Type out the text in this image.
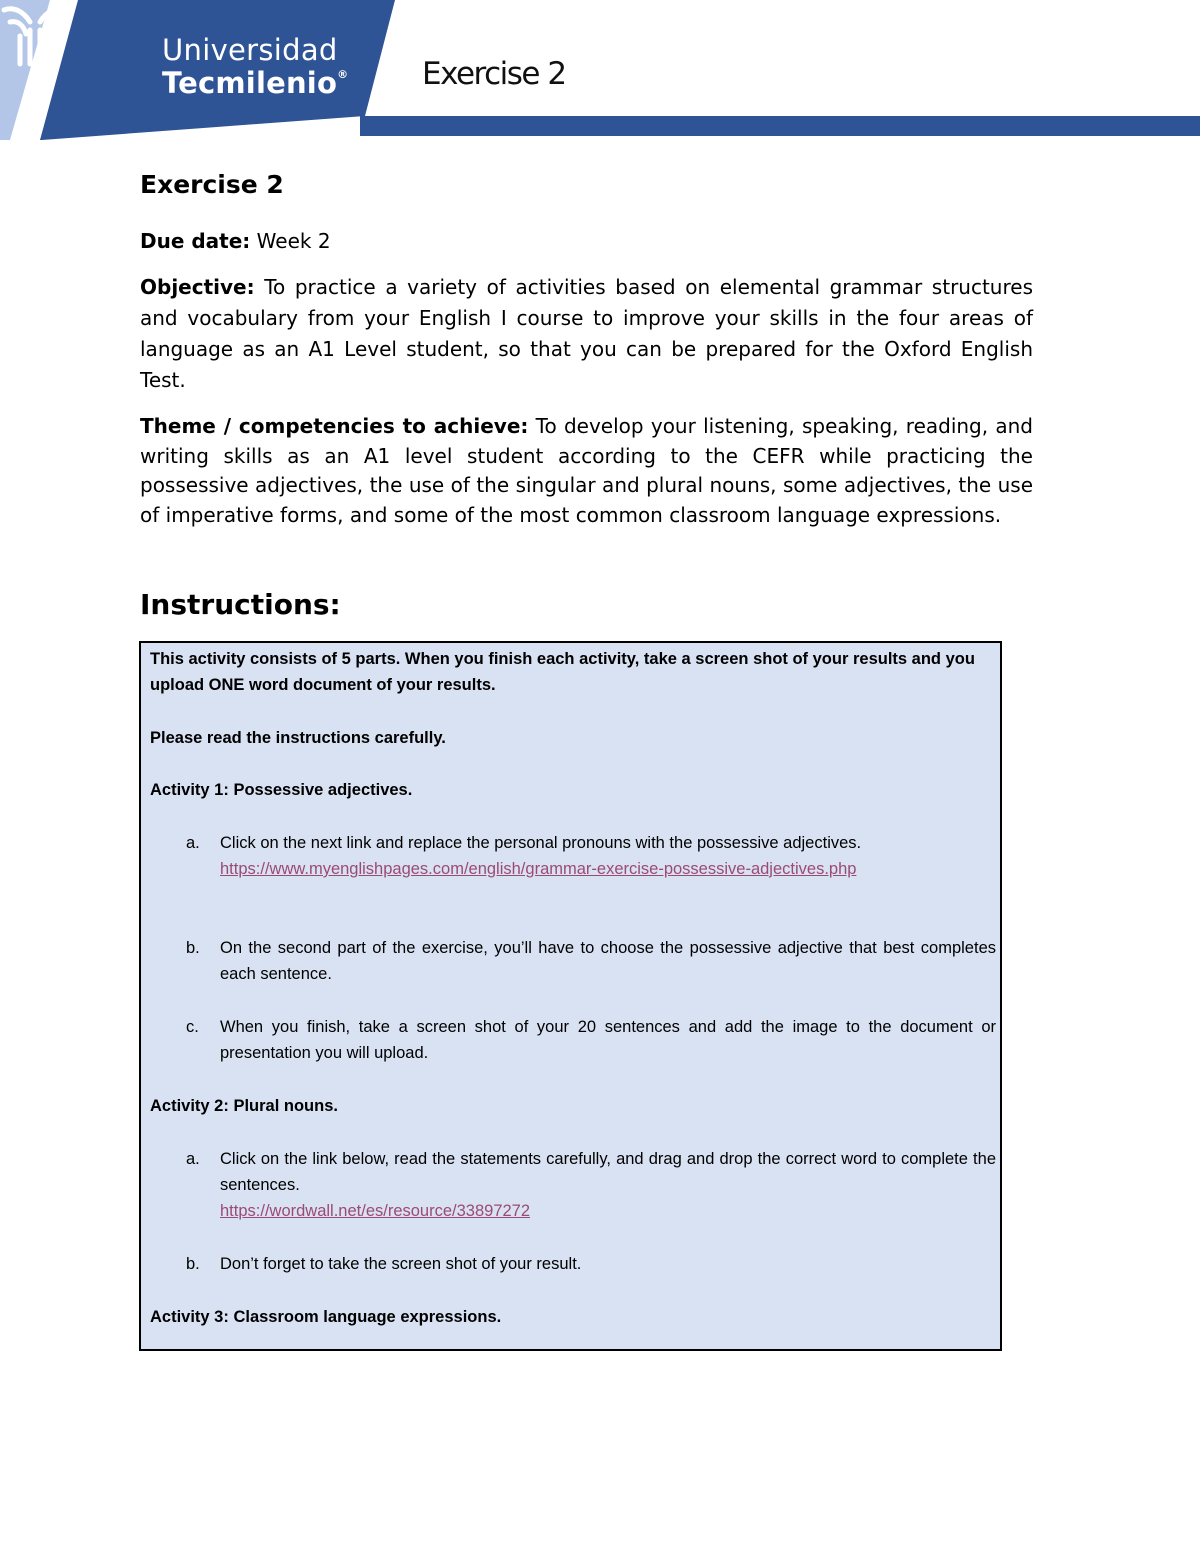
Universidad
Tecmilenio® Exercise 2
Exercise 2

Due date: Week 2

Objective: To practice a variety of activities based on elemental grammar structures and vocabulary from your English I course to improve your skills in the four areas of language as an A1 Level student, so that you can be prepared for the Oxford English Test.

Theme / competencies to achieve: To develop your listening, speaking, reading, and writing skills as an A1 level student according to the CEFR while practicing the possessive adjectives, the use of the singular and plural nouns, some adjectives, the use of imperative forms, and some of the most common classroom language expressions.

Instructions:
This activity consists of 5 parts. When you finish each activity, take a screen shot of your results and you upload ONE word document of your results.
Please read the instructions carefully.
Activity 1: Possessive adjectives.
a. Click on the next link and replace the personal pronouns with the possessive adjectives.
https://www.myenglishpages.com/english/grammar-exercise-possessive-adjectives.php
b. On the second part of the exercise, you’ll have to choose the possessive adjective that best completes each sentence.
c. When you finish, take a screen shot of your 20 sentences and add the image to the document or presentation you will upload.
Activity 2: Plural nouns.
a. Click on the link below, read the statements carefully, and drag and drop the correct word to complete the sentences.
https://wordwall.net/es/resource/33897272
b. Don’t forget to take the screen shot of your result.
Activity 3: Classroom language expressions.
